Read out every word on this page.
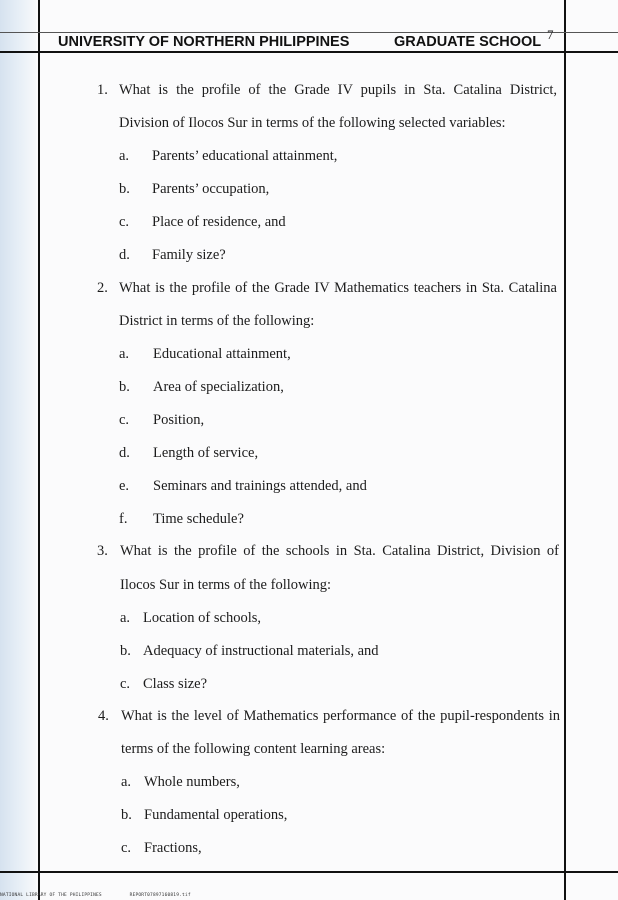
UNIVERSITY OF NORTHERN PHILIPPINES	GRADUATE SCHOOL 7
1. What is the profile of the Grade IV pupils in Sta. Catalina District,
Division of Ilocos Sur in terms of the following selected variables:
a. Parents’ educational attainment,
b. Parents’ occupation,
c. Place of residence, and
d. Family size?
2. What is the profile of the Grade IV Mathematics teachers in Sta. Catalina
District in terms of the following:
a. Educational attainment,
b. Area of specialization,
c. Position,
d. Length of service,
e. Seminars and trainings attended, and
f. Time schedule?
3. What is the profile of the schools in Sta. Catalina District, Division of
Ilocos Sur in terms of the following:
a. Location of schools,
b. Adequacy of instructional materials, and
c. Class size?
4. What is the level of Mathematics performance of the pupil-respondents in
terms of the following content learning areas:
a. Whole numbers,
b. Fundamental operations,
c. Fractions,
NATIONAL LIBRARY OF THE PHILIPPINES	REPORT07897160819.tif
